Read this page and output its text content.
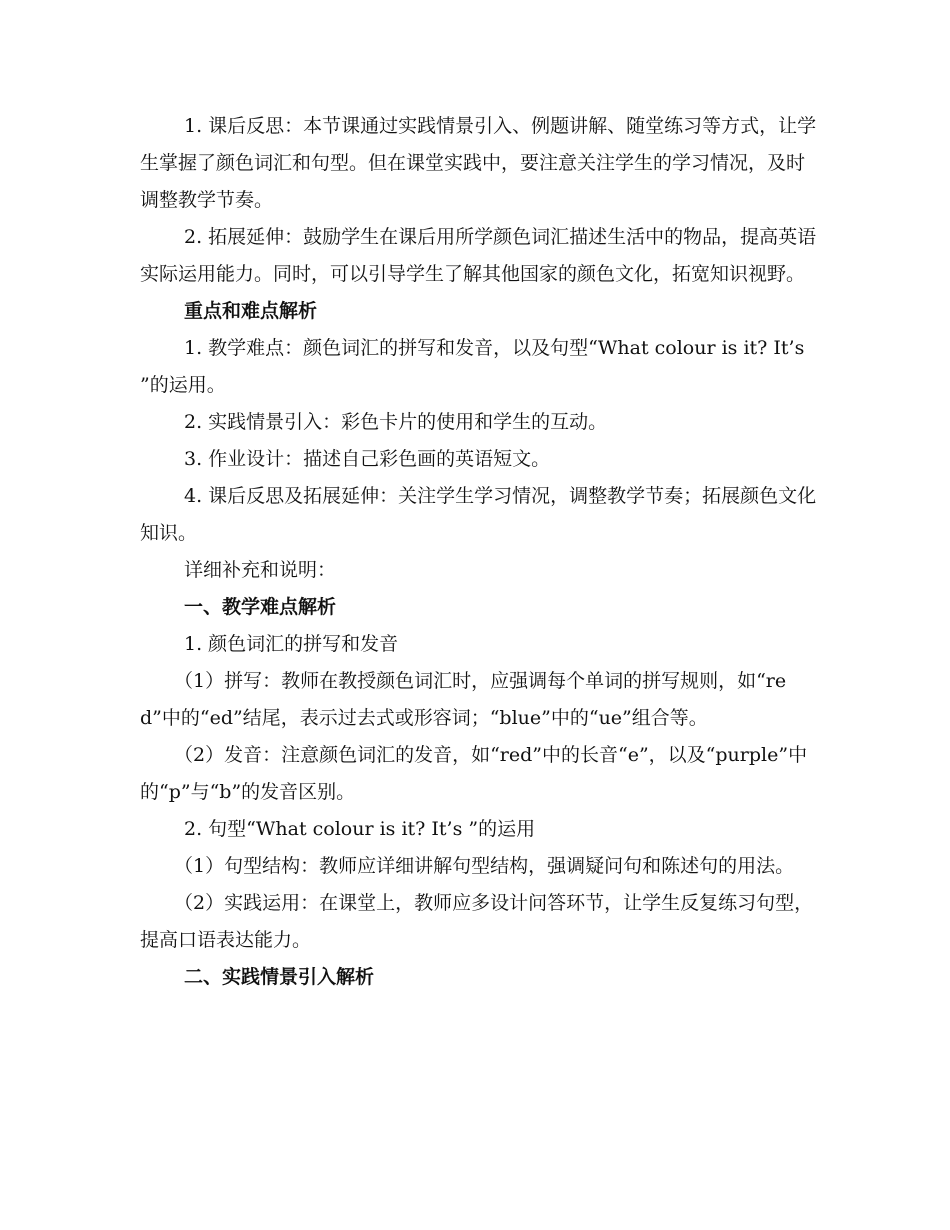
1. 课后反思：本节课通过实践情景引入、例题讲解、随堂练习等方式，让学生掌握了颜色词汇和句型。但在课堂实践中，要注意关注学生的学习情况，及时调整教学节奏。

2. 拓展延伸：鼓励学生在课后用所学颜色词汇描述生活中的物品，提高英语实际运用能力。同时，可以引导学生了解其他国家的颜色文化，拓宽知识视野。

重点和难点解析

1. 教学难点：颜色词汇的拼写和发音，以及句型“What colour is it? It’s ”的运用。

2. 实践情景引入：彩色卡片的使用和学生的互动。

3. 作业设计：描述自己彩色画的英语短文。

4. 课后反思及拓展延伸：关注学生学习情况，调整教学节奏；拓展颜色文化知识。

详细补充和说明：

一、教学难点解析

1. 颜色词汇的拼写和发音

（1）拼写：教师在教授颜色词汇时，应强调每个单词的拼写规则，如“red”中的“ed”结尾，表示过去式或形容词；“blue”中的“ue”组合等。

（2）发音：注意颜色词汇的发音，如“red”中的长音“e”，以及“purple”中的“p”与“b”的发音区别。

2. 句型“What colour is it? It’s ”的运用

（1）句型结构：教师应详细讲解句型结构，强调疑问句和陈述句的用法。

（2）实践运用：在课堂上，教师应多设计问答环节，让学生反复练习句型，提高口语表达能力。

二、实践情景引入解析
